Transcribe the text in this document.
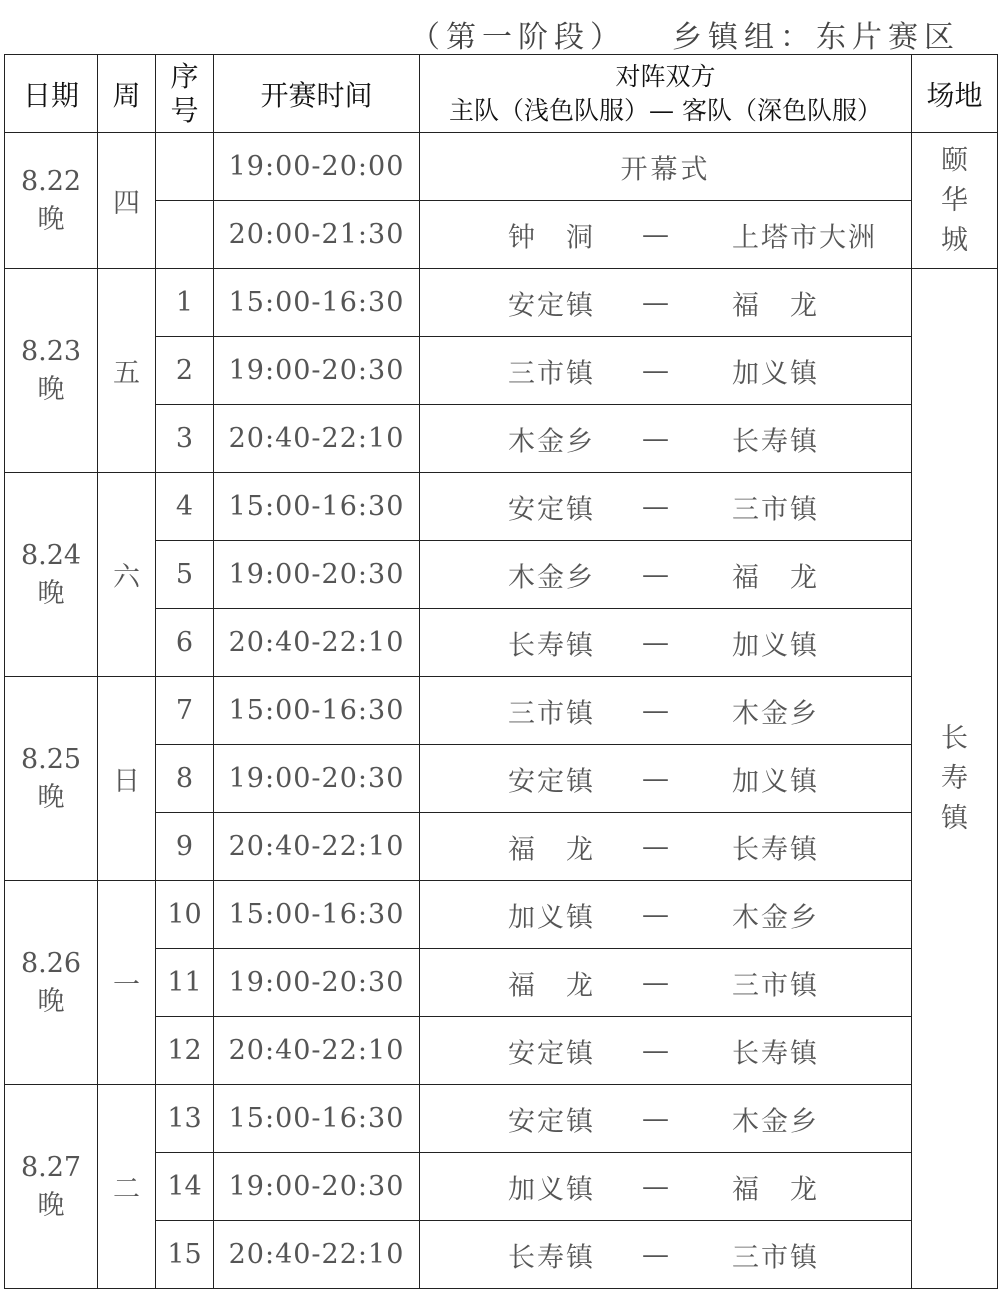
（第一阶段） 乡镇组：东片赛区
日期	周	序
号	开赛时间	对阵双方
主队（浅色队服）— 客队（深色队服）	场地
8.22
晚	四		19:00-20:00	开幕式	颐
华
城
			20:00-21:30	钟　洞 — 上塔市大洲	

8.23
晚	五	1	15:00-16:30	安定镇 — 福　龙	长
寿
镇
		2	19:00-20:30	三市镇 — 加义镇	

		3	20:40-22:10	木金乡 — 长寿镇	

8.24
晚	六	4	15:00-16:30	安定镇 — 三市镇	

		5	19:00-20:30	木金乡 — 福　龙	

		6	20:40-22:10	长寿镇 — 加义镇	

8.25
晚	日	7	15:00-16:30	三市镇 — 木金乡	

		8	19:00-20:30	安定镇 — 加义镇	

		9	20:40-22:10	福　龙 — 长寿镇	

8.26
晚	一	10	15:00-16:30	加义镇 — 木金乡	

		11	19:00-20:30	福　龙 — 三市镇	

		12	20:40-22:10	安定镇 — 长寿镇	

8.27
晚	二	13	15:00-16:30	安定镇 — 木金乡	

		14	19:00-20:30	加义镇 — 福　龙	

		15	20:40-22:10	长寿镇 — 三市镇	
